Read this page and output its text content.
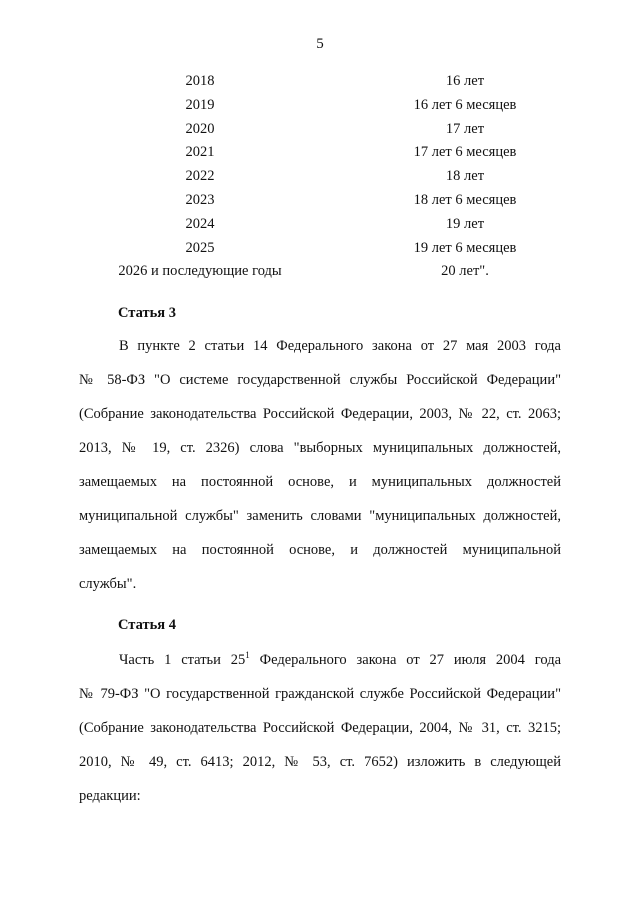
5
2018	16 лет
2019	16 лет 6 месяцев
2020	17 лет
2021	17 лет 6 месяцев
2022	18 лет
2023	18 лет 6 месяцев
2024	19 лет
2025	19 лет 6 месяцев
2026 и последующие годы	20 лет".
Статья 3
В пункте 2 статьи 14 Федерального закона от 27 мая 2003 года
№ 58-ФЗ "О системе государственной службы Российской Федерации"
(Собрание законодательства Российской Федерации, 2003, № 22, ст. 2063;
2013, № 19, ст. 2326) слова "выборных муниципальных должностей,
замещаемых на постоянной основе, и муниципальных должностей
муниципальной службы" заменить словами "муниципальных должностей,
замещаемых на постоянной основе, и должностей муниципальной
службы".
Статья 4
Часть 1 статьи $25^1$ Федерального закона от 27 июля 2004 года
№ 79-ФЗ "О государственной гражданской службе Российской Федерации"
(Собрание законодательства Российской Федерации, 2004, № 31, ст. 3215;
2010, № 49, ст. 6413; 2012, № 53, ст. 7652) изложить в следующей
редакции:
